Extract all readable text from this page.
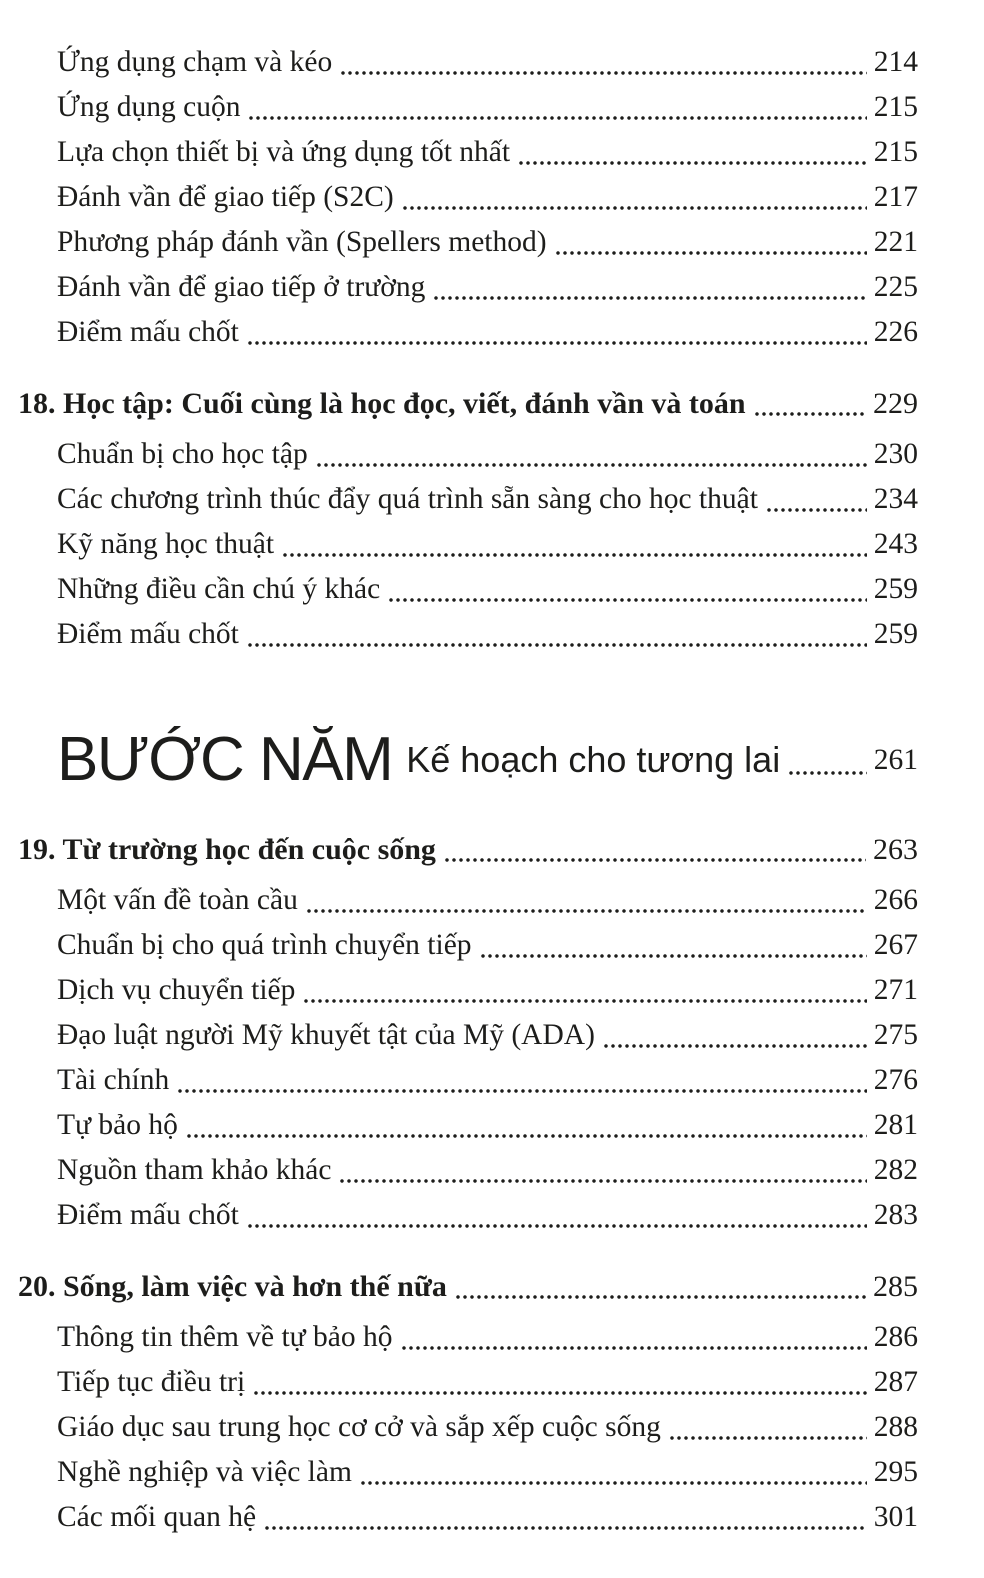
Ứng dụng chạm và kéo	214
Ứng dụng cuộn	215
Lựa chọn thiết bị và ứng dụng tốt nhất	215
Đánh vần để giao tiếp (S2C)	217
Phương pháp đánh vần (Spellers method)	221
Đánh vần để giao tiếp ở trường	225
Điểm mấu chốt	226
18. Học tập: Cuối cùng là học đọc, viết, đánh vần và toán	229
Chuẩn bị cho học tập	230
Các chương trình thúc đẩy quá trình sẵn sàng cho học thuật	234
Kỹ năng học thuật	243
Những điều cần chú ý khác	259
Điểm mấu chốt	259
BƯỚC NĂM Kế hoạch cho tương lai	261
19. Từ trường học đến cuộc sống	263
Một vấn đề toàn cầu	266
Chuẩn bị cho quá trình chuyển tiếp	267
Dịch vụ chuyển tiếp	271
Đạo luật người Mỹ khuyết tật của Mỹ (ADA)	275
Tài chính	276
Tự bảo hộ	281
Nguồn tham khảo khác	282
Điểm mấu chốt	283
20. Sống, làm việc và hơn thế nữa	285
Thông tin thêm về tự bảo hộ	286
Tiếp tục điều trị	287
Giáo dục sau trung học cơ cở và sắp xếp cuộc sống	288
Nghề nghiệp và việc làm	295
Các mối quan hệ	301
